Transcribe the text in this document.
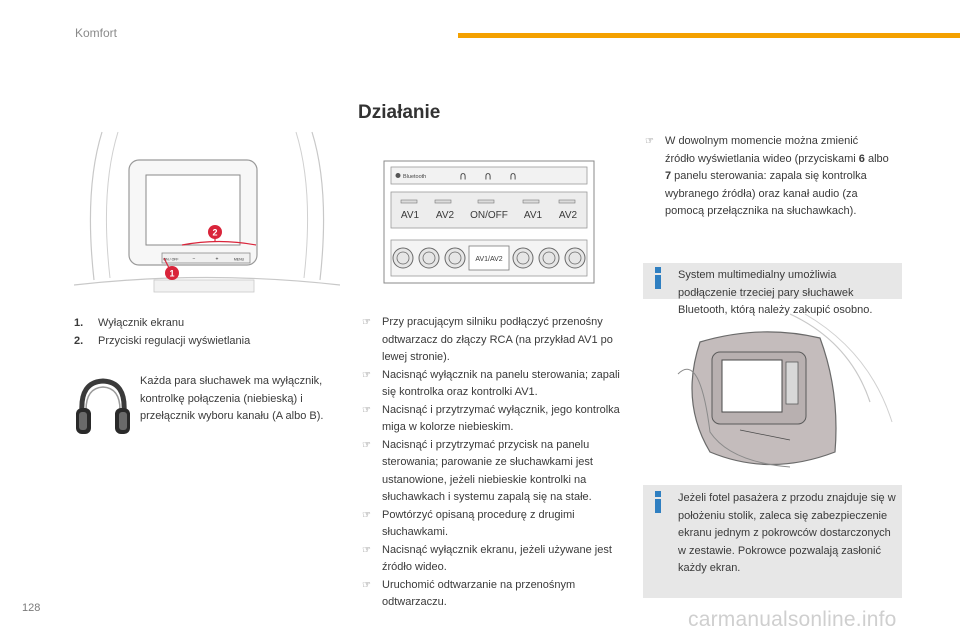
Komfort
Działanie
1
2
ON / OFF	−	+	MENU
1. Wyłącznik ekranu
2. Przyciski regulacji wyświetlania
Każda para słuchawek ma wyłącznik, kontrolkę połączenia (niebieską) i przełącznik wyboru kanału (A albo B).
Bluetooth	∩ ∩ ∩
AV1 AV2 ON/OFF AV1 AV2
AV1/AV2
☞ Przy pracującym silniku podłączyć przenośny odtwarzacz do złączy RCA (na przykład AV1 po lewej stronie).
☞ Nacisnąć wyłącznik na panelu sterowania; zapali się kontrolka oraz kontrolki AV1.
☞ Nacisnąć i przytrzymać wyłącznik, jego kontrolka miga w kolorze niebieskim.
☞ Nacisnąć i przytrzymać przycisk na panelu sterowania; parowanie ze słuchawkami jest ustanowione, jeżeli niebieskie kontrolki na słuchawkach i systemu zapalą się na stałe.
☞ Powtórzyć opisaną procedurę z drugimi słuchawkami.
☞ Nacisnąć wyłącznik ekranu, jeżeli używane jest źródło wideo.
☞ Uruchomić odtwarzanie na przenośnym odtwarzaczu.
☞ W dowolnym momencie można zmienić źródło wyświetlania wideo (przyciskami 6 albo 7 panelu sterowania: zapala się kontrolka wybranego źródła) oraz kanał audio (za pomocą przełącznika na słuchawkach).
System multimedialny umożliwia podłączenie trzeciej pary słuchawek Bluetooth, którą należy zakupić osobno.
Jeżeli fotel pasażera z przodu znajduje się w położeniu stolik, zaleca się zabezpieczenie ekranu jednym z pokrowców dostarczonych w zestawie. Pokrowce pozwalają zasłonić każdy ekran.
128	carmanualsonline.info
